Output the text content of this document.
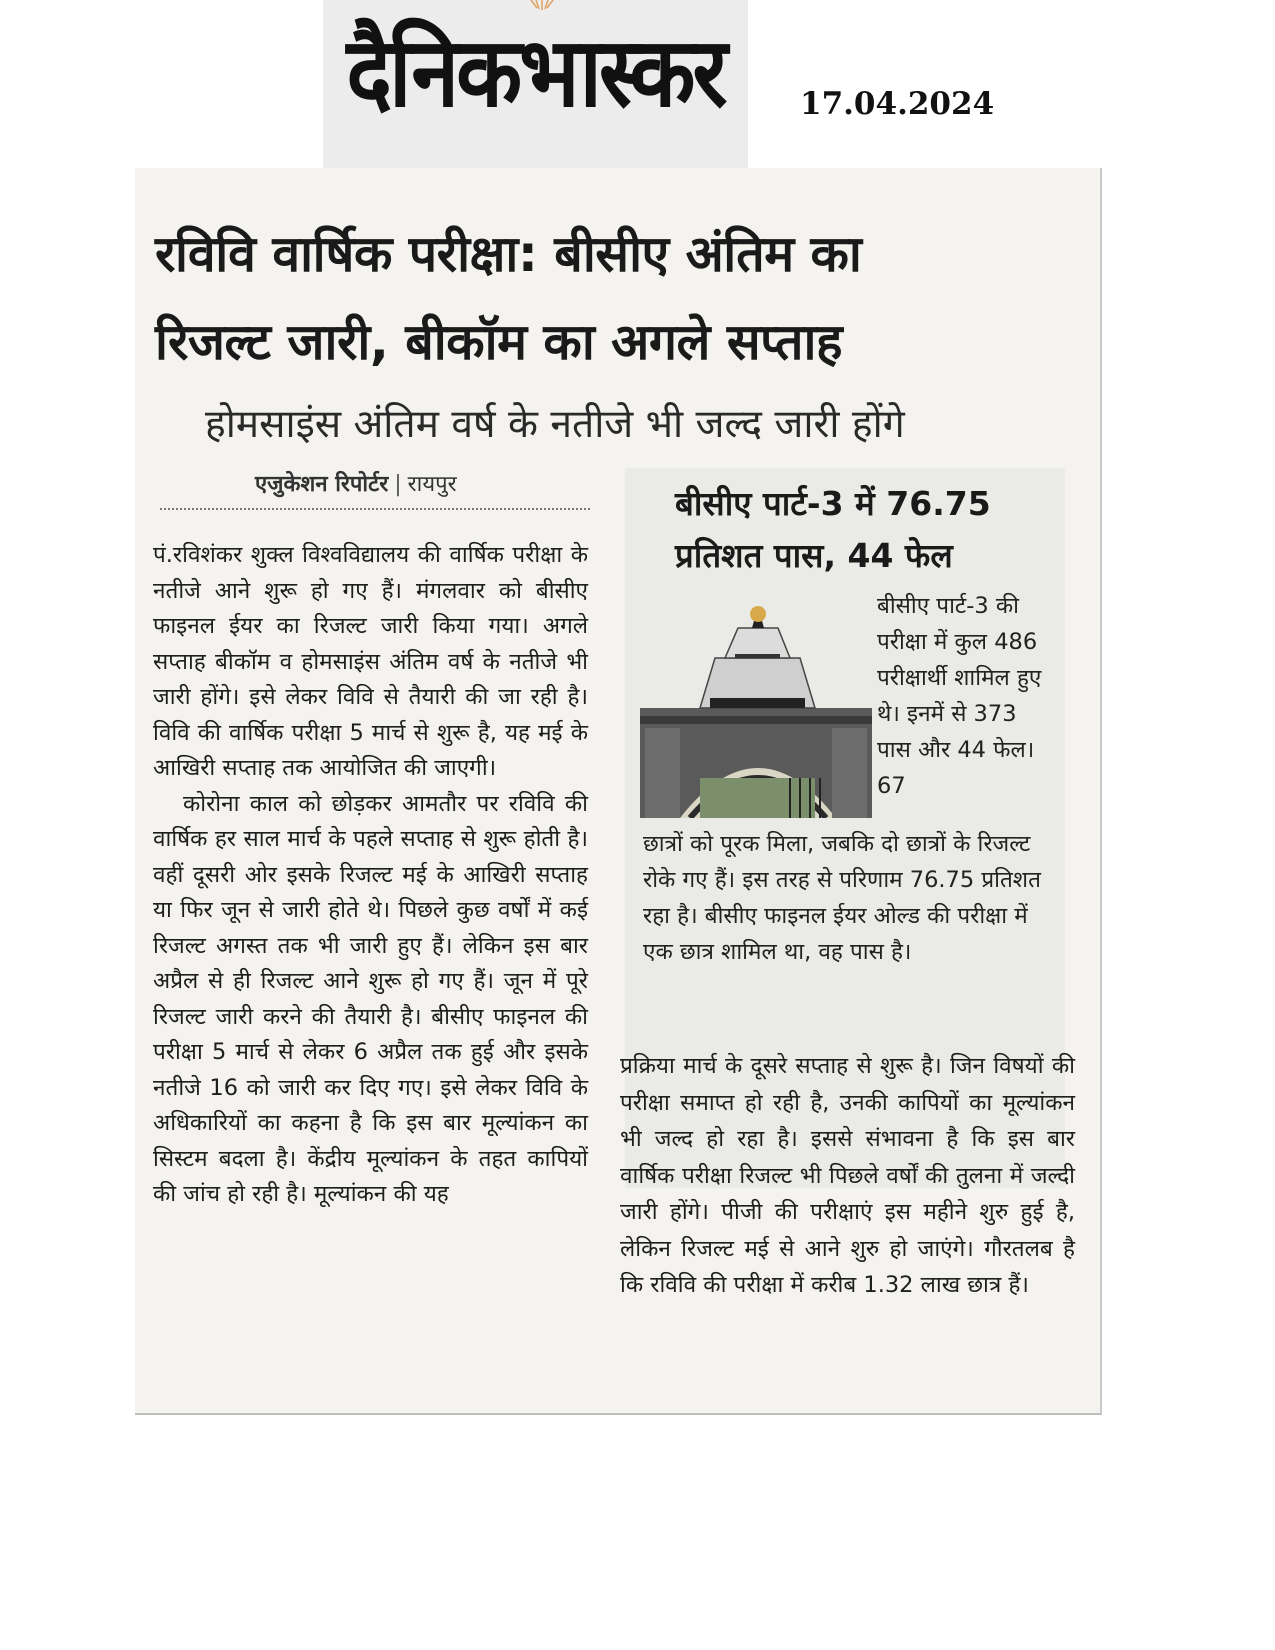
दैनिकभास्कर	17.04.2024
रविवि वार्षिक परीक्षा: बीसीए अंतिम का
रिजल्ट जारी, बीकॉम का अगले सप्ताह
होमसाइंस अंतिम वर्ष के नतीजे भी जल्द जारी होंगे
एजुकेशन रिपोर्टर | रायपुर

पं.रविशंकर शुक्ल विश्वविद्यालय की वार्षिक परीक्षा के नतीजे आने शुरू हो गए हैं। मंगलवार को बीसीए फाइनल ईयर का रिजल्ट जारी किया गया। अगले सप्ताह बीकॉम व होमसाइंस अंतिम वर्ष के नतीजे भी जारी होंगे। इसे लेकर विवि से तैयारी की जा रही है। विवि की वार्षिक परीक्षा 5 मार्च से शुरू है, यह मई के आखिरी सप्ताह तक आयोजित की जाएगी।

कोरोना काल को छोड़कर आमतौर पर रविवि की वार्षिक हर साल मार्च के पहले सप्ताह से शुरू होती है। वहीं दूसरी ओर इसके रिजल्ट मई के आखिरी सप्ताह या फिर जून से जारी होते थे। पिछले कुछ वर्षों में कई रिजल्ट अगस्त तक भी जारी हुए हैं। लेकिन इस बार अप्रैल से ही रिजल्ट आने शुरू हो गए हैं। जून में पूरे रिजल्ट जारी करने की तैयारी है। बीसीए फाइनल की परीक्षा 5 मार्च से लेकर 6 अप्रैल तक हुई और इसके नतीजे 16 को जारी कर दिए गए। इसे लेकर विवि के अधिकारियों का कहना है कि इस बार मूल्यांकन का सिस्टम बदला है। केंद्रीय मूल्यांकन के तहत कापियों की जांच हो रही है। मूल्यांकन की यह

बीसीए पार्ट-3 में 76.75
प्रतिशत पास, 44 फेल
बीसीए पार्ट-3 की परीक्षा में कुल 486 परीक्षार्थी शामिल हुए थे। इनमें से 373 पास और 44 फेल। 67
छात्रों को पूरक मिला, जबकि दो छात्रों के रिजल्ट रोके गए हैं। इस तरह से परिणाम 76.75 प्रतिशत रहा है। बीसीए फाइनल ईयर ओल्ड की परीक्षा में एक छात्र शामिल था, वह पास है।

प्रक्रिया मार्च के दूसरे सप्ताह से शुरू है। जिन विषयों की परीक्षा समाप्त हो रही है, उनकी कापियों का मूल्यांकन भी जल्द हो रहा है। इससे संभावना है कि इस बार वार्षिक परीक्षा रिजल्ट भी पिछले वर्षों की तुलना में जल्दी जारी होंगे। पीजी की परीक्षाएं इस महीने शुरु हुई है, लेकिन रिजल्ट मई से आने शुरु हो जाएंगे। गौरतलब है कि रविवि की परीक्षा में करीब 1.32 लाख छात्र हैं।
